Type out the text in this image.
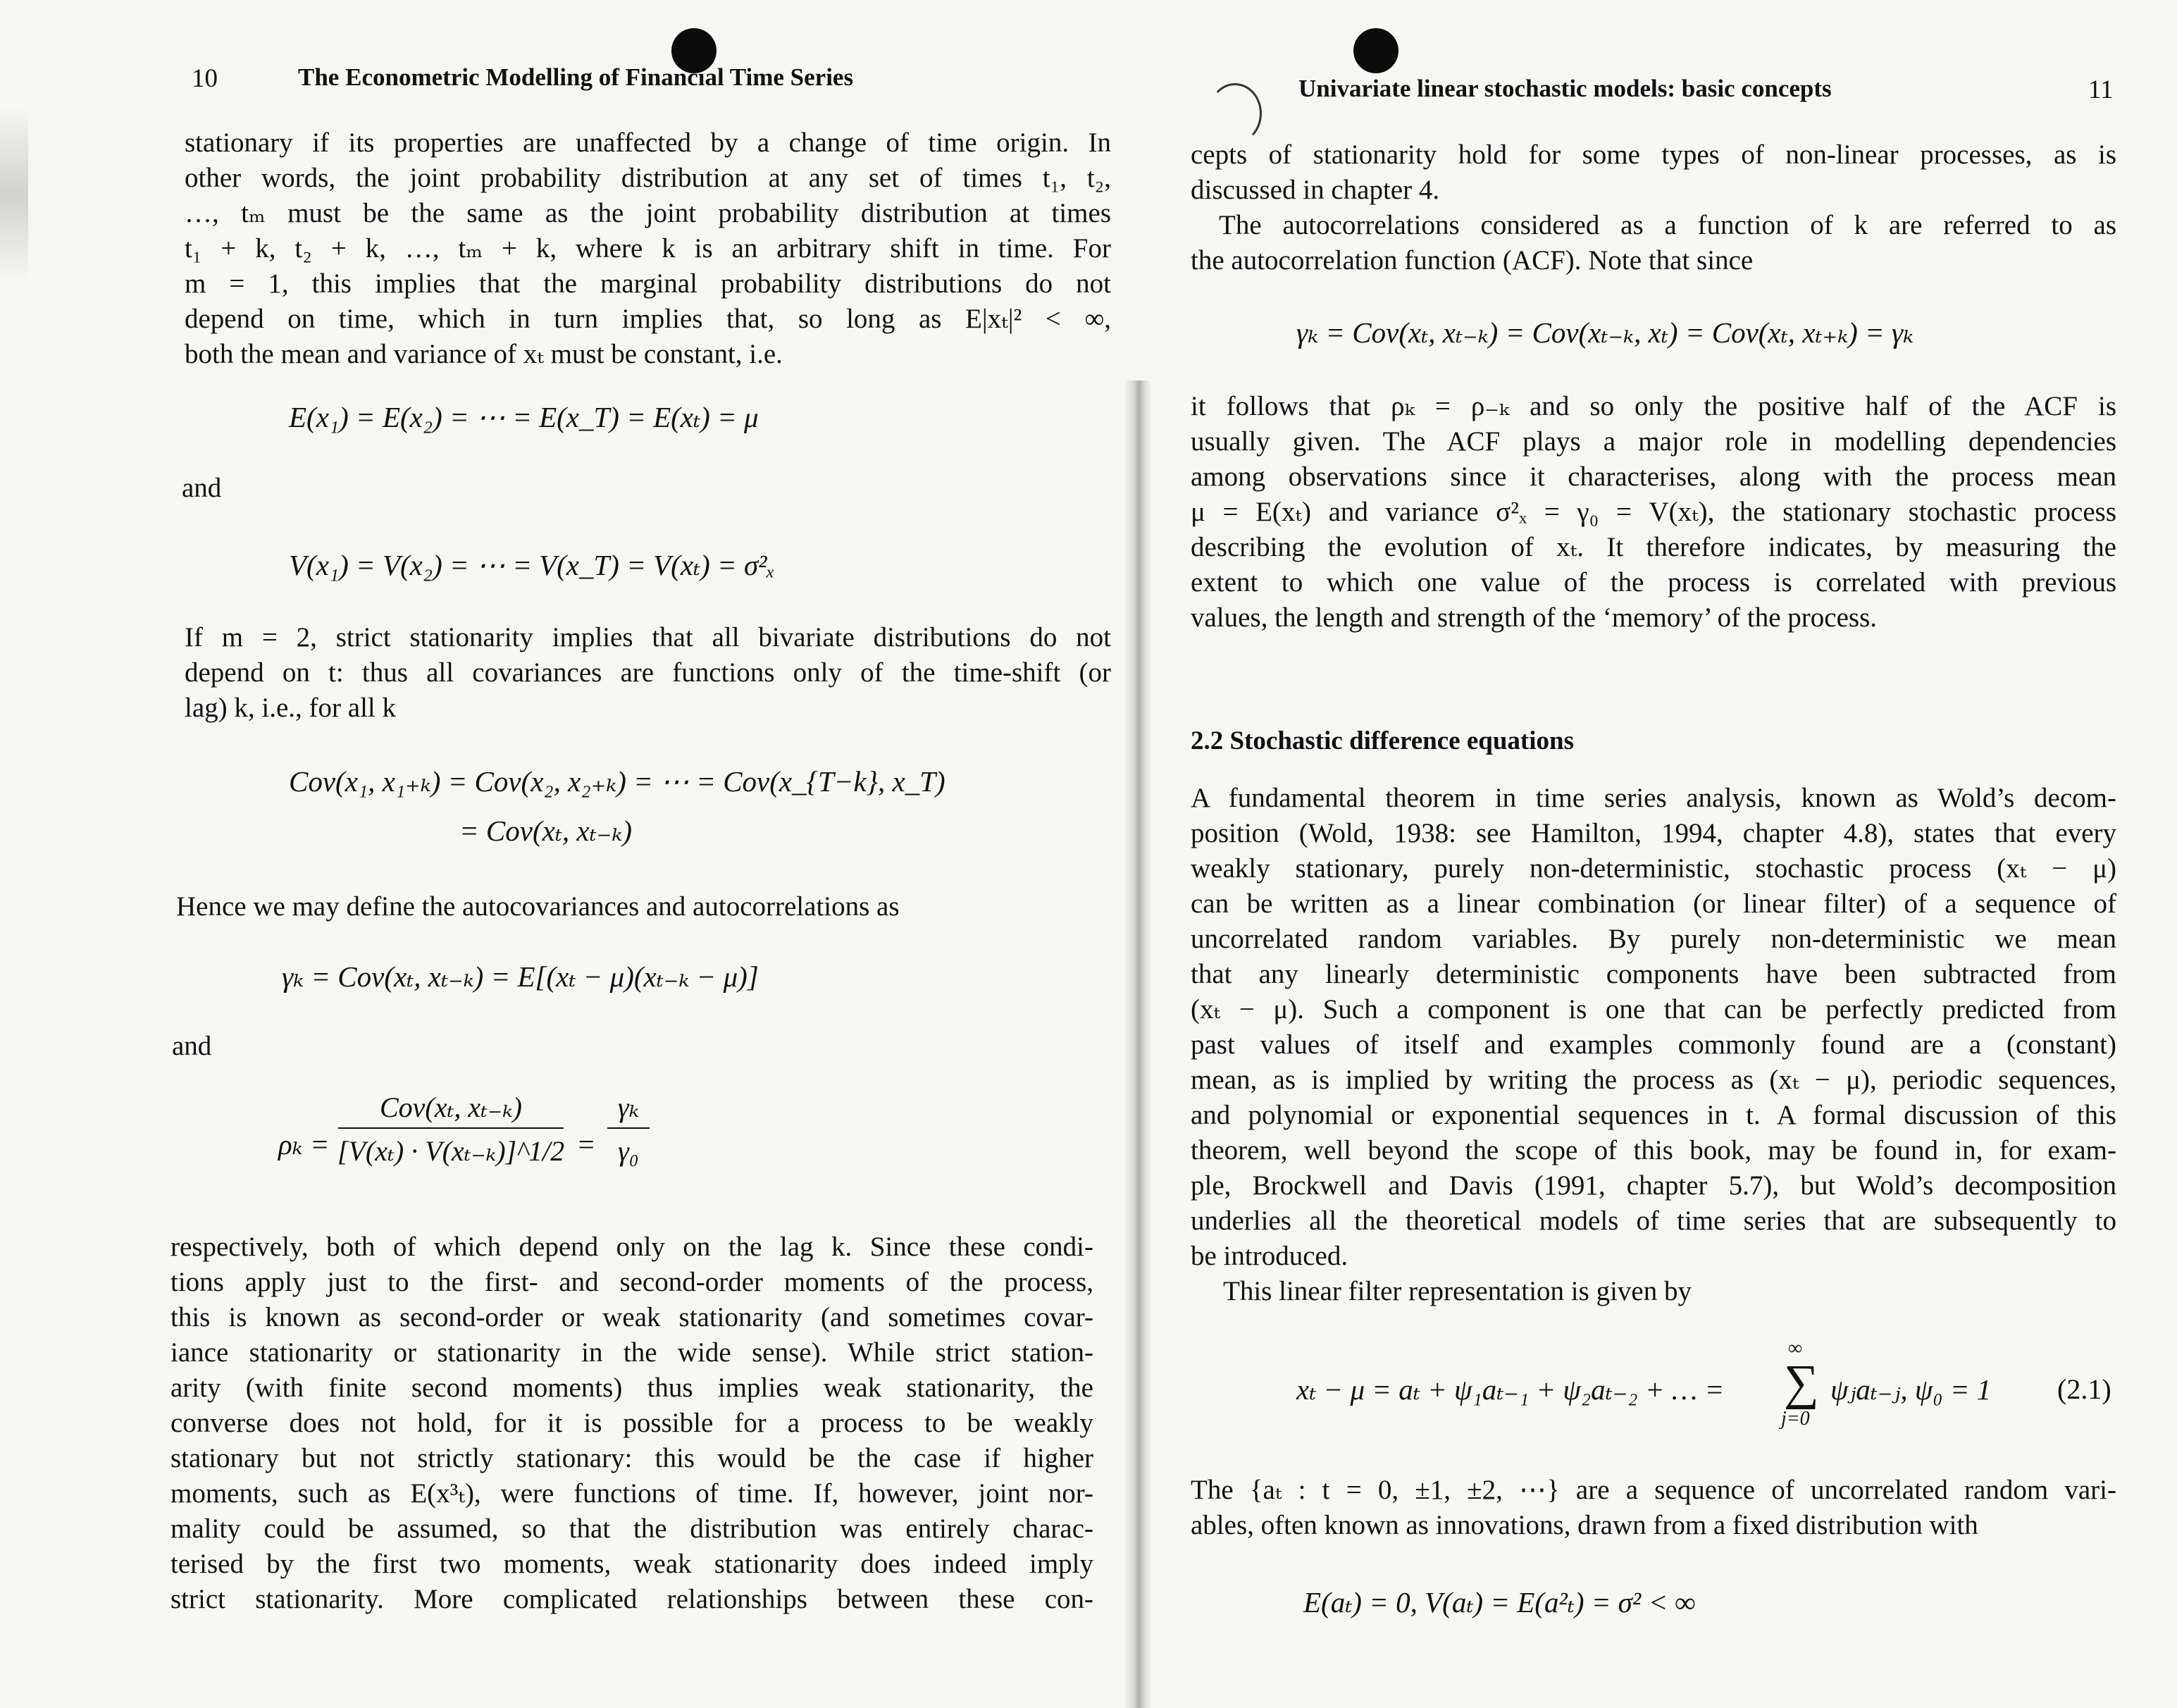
10	The Econometric Modelling of Financial Time Series
stationary if its properties are unaffected by a change of time origin. In
other words, the joint probability distribution at any set of times t₁, t₂,
…, tₘ must be the same as the joint probability distribution at times
t₁ + k, t₂ + k, …, tₘ + k, where k is an arbitrary shift in time. For
m = 1, this implies that the marginal probability distributions do not
depend on time, which in turn implies that, so long as E|xₜ|² < ∞,
both the mean and variance of xₜ must be constant, i.e.
E(x₁) = E(x₂) = ⋯ = E(x_T) = E(xₜ) = μ
and
V(x₁) = V(x₂) = ⋯ = V(x_T) = V(xₜ) = σ²ₓ
If m = 2, strict stationarity implies that all bivariate distributions do not
depend on t: thus all covariances are functions only of the time-shift (or
lag) k, i.e., for all k
Cov(x₁, x₁₊ₖ) = Cov(x₂, x₂₊ₖ) = ⋯ = Cov(x_{T−k}, x_T)
= Cov(xₜ, xₜ₋ₖ)
Hence we may define the autocovariances and autocorrelations as
γₖ = Cov(xₜ, xₜ₋ₖ) = E[(xₜ − μ)(xₜ₋ₖ − μ)]
and
ρₖ =
Cov(xₜ, xₜ₋ₖ)
[V(xₜ) · V(xₜ₋ₖ)]^1/2 =
γₖ
γ₀
respectively, both of which depend only on the lag k. Since these condi-
tions apply just to the first- and second-order moments of the process,
this is known as second-order or weak stationarity (and sometimes covar-
iance stationarity or stationarity in the wide sense). While strict station-
arity (with finite second moments) thus implies weak stationarity, the
converse does not hold, for it is possible for a process to be weakly
stationary but not strictly stationary: this would be the case if higher
moments, such as E(x³ₜ), were functions of time. If, however, joint nor-
mality could be assumed, so that the distribution was entirely charac-
terised by the first two moments, weak stationarity does indeed imply
strict stationarity. More complicated relationships between these con-
Univariate linear stochastic models: basic concepts	11
cepts of stationarity hold for some types of non-linear processes, as is
discussed in chapter 4.
The autocorrelations considered as a function of k are referred to as
the autocorrelation function (ACF). Note that since
γₖ = Cov(xₜ, xₜ₋ₖ) = Cov(xₜ₋ₖ, xₜ) = Cov(xₜ, xₜ₊ₖ) = γₖ
it follows that ρₖ = ρ₋ₖ and so only the positive half of the ACF is
usually given. The ACF plays a major role in modelling dependencies
among observations since it characterises, along with the process mean
μ = E(xₜ) and variance σ²ₓ = γ₀ = V(xₜ), the stationary stochastic process
describing the evolution of xₜ. It therefore indicates, by measuring the
extent to which one value of the process is correlated with previous
values, the length and strength of the ‘memory’ of the process.
2.2 Stochastic difference equations
A fundamental theorem in time series analysis, known as Wold’s decom-
position (Wold, 1938: see Hamilton, 1994, chapter 4.8), states that every
weakly stationary, purely non-deterministic, stochastic process (xₜ − μ)
can be written as a linear combination (or linear filter) of a sequence of
uncorrelated random variables. By purely non-deterministic we mean
that any linearly deterministic components have been subtracted from
(xₜ − μ). Such a component is one that can be perfectly predicted from
past values of itself and examples commonly found are a (constant)
mean, as is implied by writing the process as (xₜ − μ), periodic sequences,
and polynomial or exponential sequences in t. A formal discussion of this
theorem, well beyond the scope of this book, may be found in, for exam-
ple, Brockwell and Davis (1991, chapter 5.7), but Wold’s decomposition
underlies all the theoretical models of time series that are subsequently to
be introduced.
This linear filter representation is given by
xₜ − μ = aₜ + ψ₁aₜ₋₁ + ψ₂aₜ₋₂ + … =
∞
∑
j=0
ψⱼaₜ₋ⱼ, ψ₀ = 1 (2.1)
The {aₜ : t = 0, ±1, ±2, ⋯} are a sequence of uncorrelated random vari-
ables, often known as innovations, drawn from a fixed distribution with
E(aₜ) = 0, V(aₜ) = E(a²ₜ) = σ² < ∞
